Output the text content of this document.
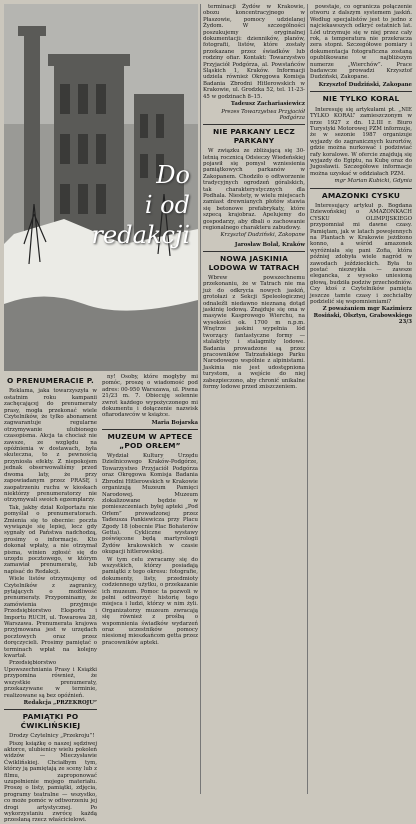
Do
i od
redakcji
O PRENUMERACIE P.

Reklama, jaka towarzyszyła w ostatnim roku kampanii zachęcającej do prenumeraty prasy, mogła przekonać wiele Czytelników, że tylko abonament zagwarantuje regularne otrzymywanie ulubionego czasopisma. Akcja ta chociaż nie zawsze, ze względu na opóźnienia w dostawach, była skuteczna, to z pewnością przyniosła efekty. Z niepokojem jednak obserwowaliśmy przed dwoma laty, że przy zapowiadanym przez PRASĘ i zaopatrzeniu ruchu w kioskach niektórzy prenumeratorzy nie otrzymywali swoich egzemplarzy.

Tak, jakby dział Kolportażu nie pomyślał o prenumeratorach. Zmienia się to obecnie: poczta wywiązuje się lepiej, lecz gdy sygnały od Państwa nadchodzą, prosimy o informacje. Kto dokonał wpłaty, a nie otrzymał pisma, winien zgłosić się do urzędu pocztowego, w którym zamawiał prenumeratę, lub napisać do Redakcji.

Wiele listów otrzymujemy od Czytelników z zagranicy, pytających o możliwość prenumeraty. Przypominamy, że zamówienia przyjmuje Przedsiębiorstwo Eksportu i Importu RUCH, ul. Towarowa 28, Warszawa. Prenumerata krajowa przyjmowana jest w urzędach pocztowych oraz przez doręczycieli. Prosimy pamiętać o terminach wpłat na kolejny kwartał.

Przedsiębiorstwo Upowszechniania Prasy i Książki przypomina również, że wszystkie prenumeraty, przekazywane w terminie, realizowane są bez opóźnień.

Redakcja „PRZEKROJU”

PAMIĄTKI PO ĆWIKLIŃSKIEJ

Drodzy Czytelnicy „Przekroju”!

Piszę książkę o naszej sędziwej aktorce, ulubienicy wielu pokoleń widzów — Mieczysławie Ćwiklińskiej. Chciałbym tym, którzy ją pamiętają ze sceny lub z filmu, zaproponować uzupełnienie mojego materiału. Proszę o listy, pamiątki, zdjęcia, programy teatralne — wszystko, co może pomóc w odtworzeniu jej drogi artystycznej. Po wykorzystaniu zwrócę każdą przesłaną rzecz właścicielowi.

ny! Osoby, które mogłyby mi pomóc, proszę o wiadomość pod adres: 00-950 Warszawa, ul. Piwna 21/23 m. 7. Obiecuję solennie zwrot każdego wypożyczonego mi dokumentu i dołączenie nazwisk ofiarodawców w książce.

Maria Bojarska

MUZEUM W APTECE „POD ORŁEM”

Wydział Kultury Urzędu Dzielnicowego Kraków-Podgórze, Towarzystwo Przyjaciół Podgórza oraz Okręgowa Komisja Badania Zbrodni Hitlerowskich w Krakowie organizują Muzeum Pamięci Narodowej. Muzeum zlokalizowane będzie w pomieszczeniach byłej apteki „Pod Orłem” prowadzonej przez Tadeusza Pankiewicza przy Placu Zgody 18 (obecnie Plac Bohaterów Getta). Cykliczne wystawy poświęcone będą martyrologii Żydów krakowskich w czasie okupacji hitlerowskiej.

W tym celu zwracamy się do wszystkich, którzy posiadają pamiątki z tego okresu: fotografie, dokumenty, listy, przedmioty codziennego użytku, o przekazanie ich muzeum. Pomoc ta pozwoli w pełni odtworzyć historię tego miejsca i ludzi, którzy w nim żyli. Organizatorzy muzeum zwracają się również z prośbą o wspomnienia świadków wydarzeń oraz uczestników pomocy niesionej mieszkańcom getta przez pracowników apteki.

terminacji Żydów w Krakowie, obozu koncentracyjnego w Płaszowie, pomocy udzielanej Żydom. W szczególności poszukujemy oryginalnej dokumentacji: dzienników, planów, fotografii, listów, które zostały przekazane przez świadków lub rodziny ofiar. Kontakt: Towarzystwo Przyjaciół Podgórza, al. Powstańców Śląskich 1, Kraków. Informacji udziela również Okręgowa Komisja Badania Zbrodni Hitlerowskich w Krakowie, ul. Grodzka 52, tel. 11-23-45 w godzinach 8–15.

Tadeusz Zachariasiewicz

Prezes Towarzystwa Przyjaciół Podgórza

NIE PARKANY LECZ PARKANY

W związku ze zbliżającą się 30-letnią rocznicą Odsieczy Wiedeńskiej pojawił się pomysł wzniesienia pamiątkowych parkanów w Zakopanem. Chodziło o odtworzenie tradycyjnych ogrodzeń góralskich, tak charakterystycznych dla Podhala. Niestety, w wielu miejscach zamiast drewnianych płotów stawia się betonowe prefabrykaty, które szpecą krajobraz. Apelujemy do gospodarzy, aby dbali o zachowanie regionalnego charakteru zabudowy.

Krzysztof Dudziński, Zakopane

Jarosław Bolał, Kraków

NOWA JASKINIA LODOWA W TATRACH

Wbrew powszechnemu przekonaniu, że w Tatrach nie ma już do odkrycia nowych jaskiń, grotołazi z Sekcji Speleologicznej odnaleźli niedawno nieznaną dotąd jaskinię lodową. Znajduje się ona w masywie Kasprowego Wierchu, na wysokości ok. 1700 m n.p.m. Wnętrze jaskini wypełnia lód tworzący fantastyczne formy — stalaktyty i stalagmity lodowe. Badania prowadzone są przez pracowników Tatrzańskiego Parku Narodowego wspólnie z alpinistami. Jaskinia nie jest udostępniona turystom, a wejście do niej zabezpieczono, aby chronić unikalne formy lodowe przed zniszczeniem.

powstaje, co ogranicza połączenie otworu z dalszym systemem jaskiń. Według specjalistów jest to jedno z najciekawszych odkryć ostatnich lat. Lód utrzymuje się w niej przez cały rok, a temperatura nie przekracza zera stopni. Szczegółowe pomiary i dokumentacja fotograficzna zostaną opublikowane w najbliższym numerze „Wierchów”. Prace badawcze prowadzi Krzysztof Dudziński, Zakopane.

Krzysztof Dudziński, Zakopane

NIE TYLKO KORAL

Interesuję się artykułami pt. „NIE TYLKO KORAL” zamieszczonym w nrze 1927 z dn. 12.III r. Biuro Turystyki Motorowej PZM informuje, że w sezonie 1987 organizuje wyjazdy do zagranicznych kurortów, gdzie można nurkować i podziwiać rafy koralowe. W ofercie znajdują się wyjazdy do Egiptu, na Kubę oraz do Jugosławii. Szczegółowe informacje można uzyskać w oddziałach PZM.

mgr Marian Kubicki, Gdynia

AMAZONKI CYSKU

Interesujący artykuł p. Bogdana Dziewońskiej o AMAZONKACH CYSKU OLIMPIJSKIEGO przypomniał mi dawne czasy. Pamiętam, jak w latach powojennych na Plantach w Krakowie jeżdżono konno, a wśród amazonek wyróżniała się pani Zofia, która później zdobyła wiele nagród w zawodach jeździeckich. Była to postać niezwykła — zawsze elegancka, z wysoko uniesioną głową, budziła podziw przechodniów. Czy ktoś z Czytelników pamięta jeszcze tamte czasy i zechciałby podzielić się wspomnieniami?

Z poważaniem mgr Kazimierz Rosiński, Olsztyn, Grabowskiego 23/3
